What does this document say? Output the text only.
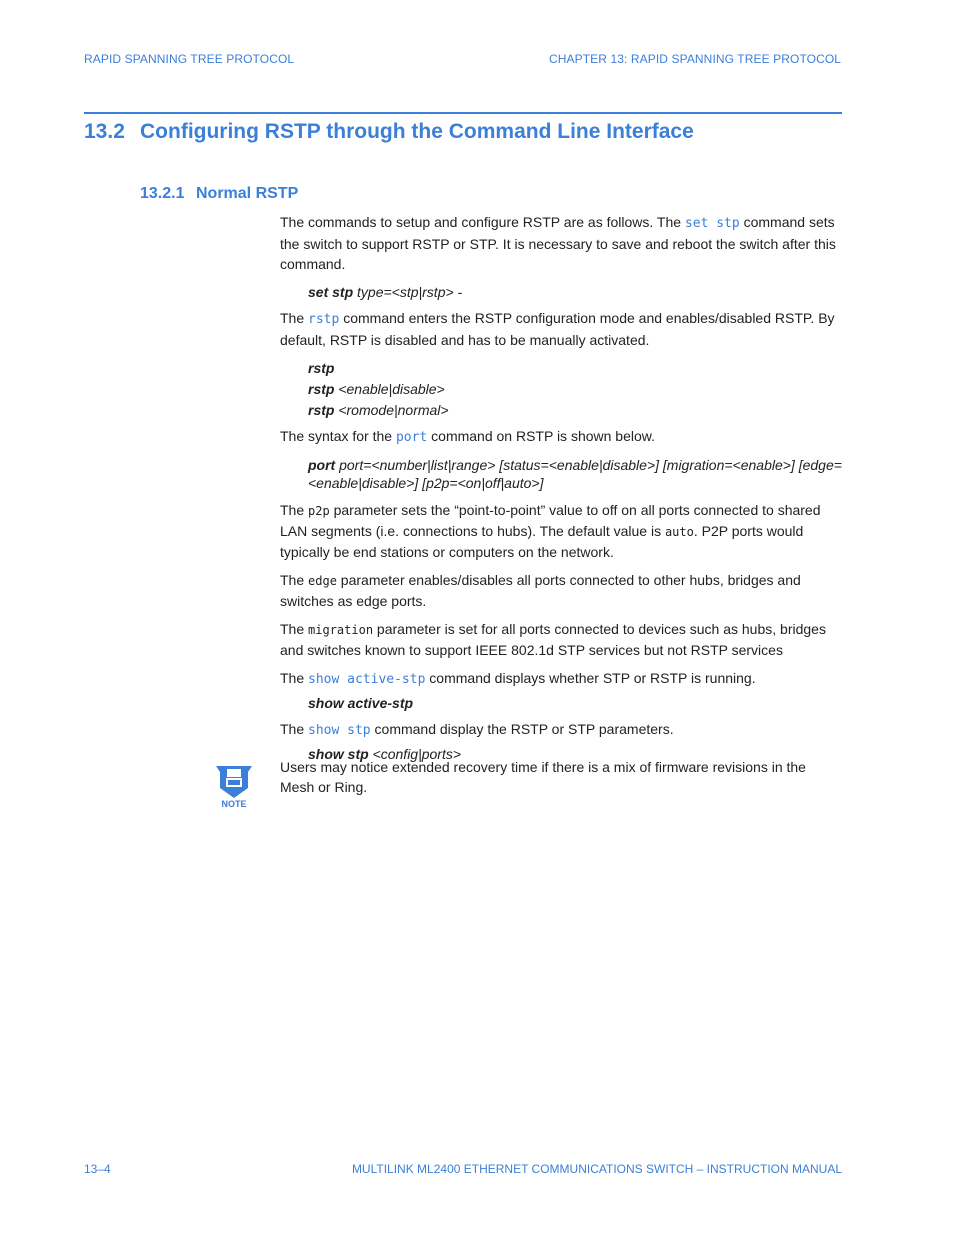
RAPID SPANNING TREE PROTOCOL	CHAPTER 13: RAPID SPANNING TREE PROTOCOL
13.2 Configuring RSTP through the Command Line Interface
13.2.1 Normal RSTP

The commands to setup and configure RSTP are as follows. The set stp command sets the switch to support RSTP or STP. It is necessary to save and reboot the switch after this command.

set stp type=<stp|rstp> -

The rstp command enters the RSTP configuration mode and enables/disabled RSTP. By default, RSTP is disabled and has to be manually activated.

rstp
rstp <enable|disable>
rstp <romode|normal>

The syntax for the port command on RSTP is shown below.

port port=<number|list|range> [status=<enable|disable>] [migration=<enable>] [edge=<enable|disable>] [p2p=<on|off|auto>]

The p2p parameter sets the “point-to-point” value to off on all ports connected to shared LAN segments (i.e. connections to hubs). The default value is auto. P2P ports would typically be end stations or computers on the network.

The edge parameter enables/disables all ports connected to other hubs, bridges and switches as edge ports.

The migration parameter is set for all ports connected to devices such as hubs, bridges and switches known to support IEEE 802.1d STP services but not RSTP services

The show active-stp command displays whether STP or RSTP is running.

show active-stp

The show stp command display the RSTP or STP parameters.

show stp <config|ports>
NOTE
Users may notice extended recovery time if there is a mix of firmware revisions in the Mesh or Ring.
13–4	MULTILINK ML2400 ETHERNET COMMUNICATIONS SWITCH – INSTRUCTION MANUAL
